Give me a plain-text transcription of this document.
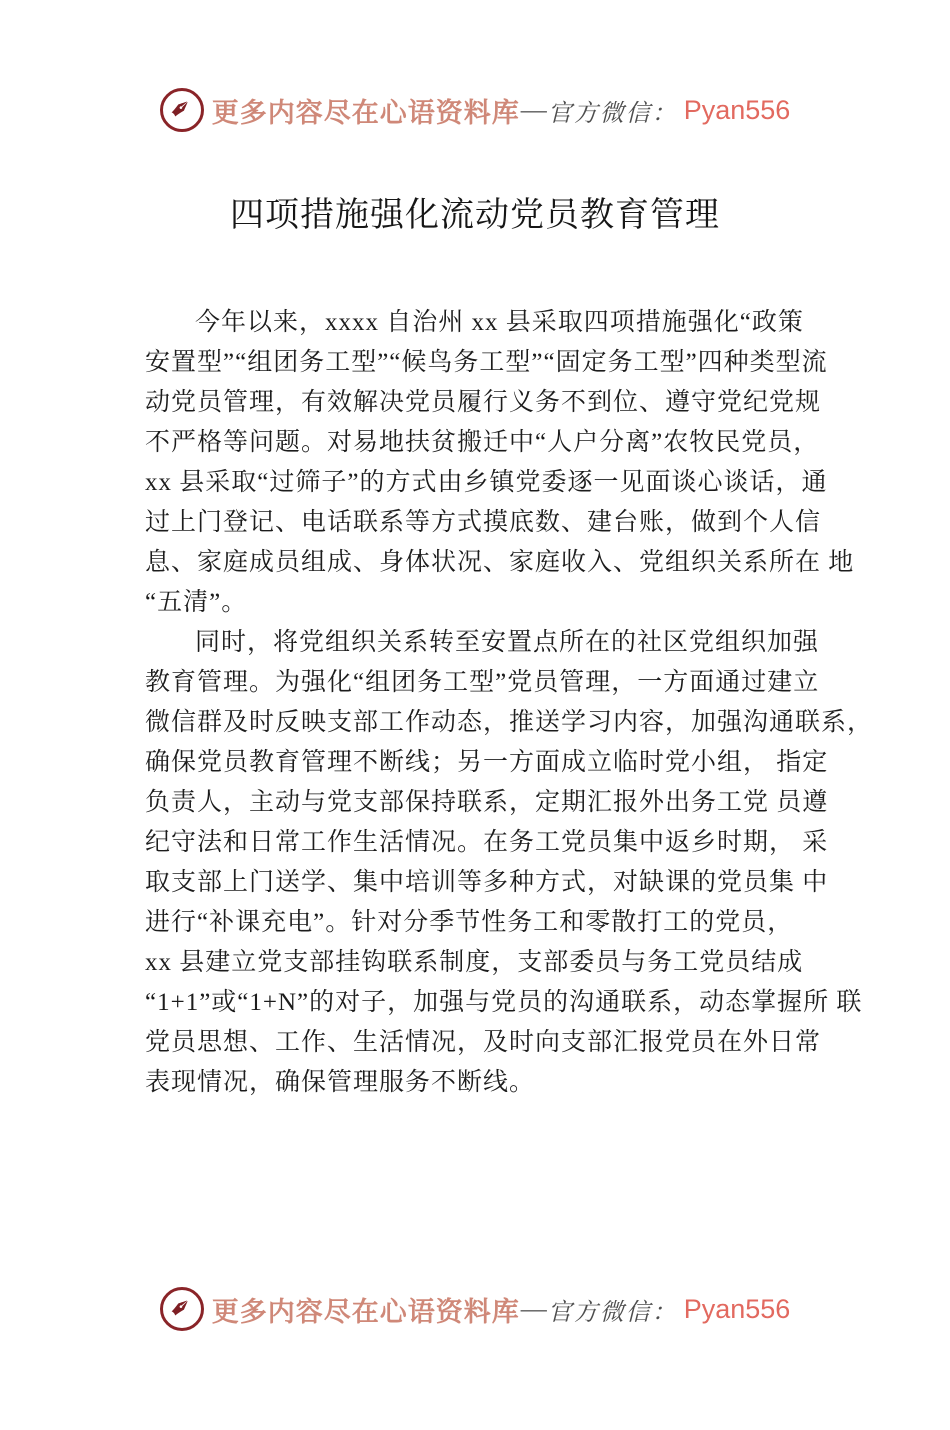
✒ 更多内容尽在心语资料库 — 官方微信： Pyan556
四项措施强化流动党员教育管理
今年以来，xxxx 自治州 xx 县采取四项措施强化“政策
安置型”“组团务工型”“候鸟务工型”“固定务工型”四种类型流
动党员管理，有效解决党员履行义务不到位、遵守党纪党规
不严格等问题。对易地扶贫搬迁中“人户分离”农牧民党员，
xx 县采取“过筛子”的方式由乡镇党委逐一见面谈心谈话，通
过上门登记、电话联系等方式摸底数、建台账，做到个人信
息、家庭成员组成、身体状况、家庭收入、党组织关系所在 地
“五清”。
同时，将党组织关系转至安置点所在的社区党组织加强
教育管理。为强化“组团务工型”党员管理，一方面通过建立
微信群及时反映支部工作动态，推送学习内容，加强沟通联系，
确保党员教育管理不断线；另一方面成立临时党小组， 指定
负责人，主动与党支部保持联系，定期汇报外出务工党 员遵
纪守法和日常工作生活情况。在务工党员集中返乡时期， 采
取支部上门送学、集中培训等多种方式，对缺课的党员集 中
进行“补课充电”。针对分季节性务工和零散打工的党员，
xx 县建立党支部挂钩联系制度，支部委员与务工党员结成
“1+1”或“1+N”的对子，加强与党员的沟通联系，动态掌握所 联
党员思想、工作、生活情况，及时向支部汇报党员在外日常
表现情况，确保管理服务不断线。
✒ 更多内容尽在心语资料库 — 官方微信： Pyan556
